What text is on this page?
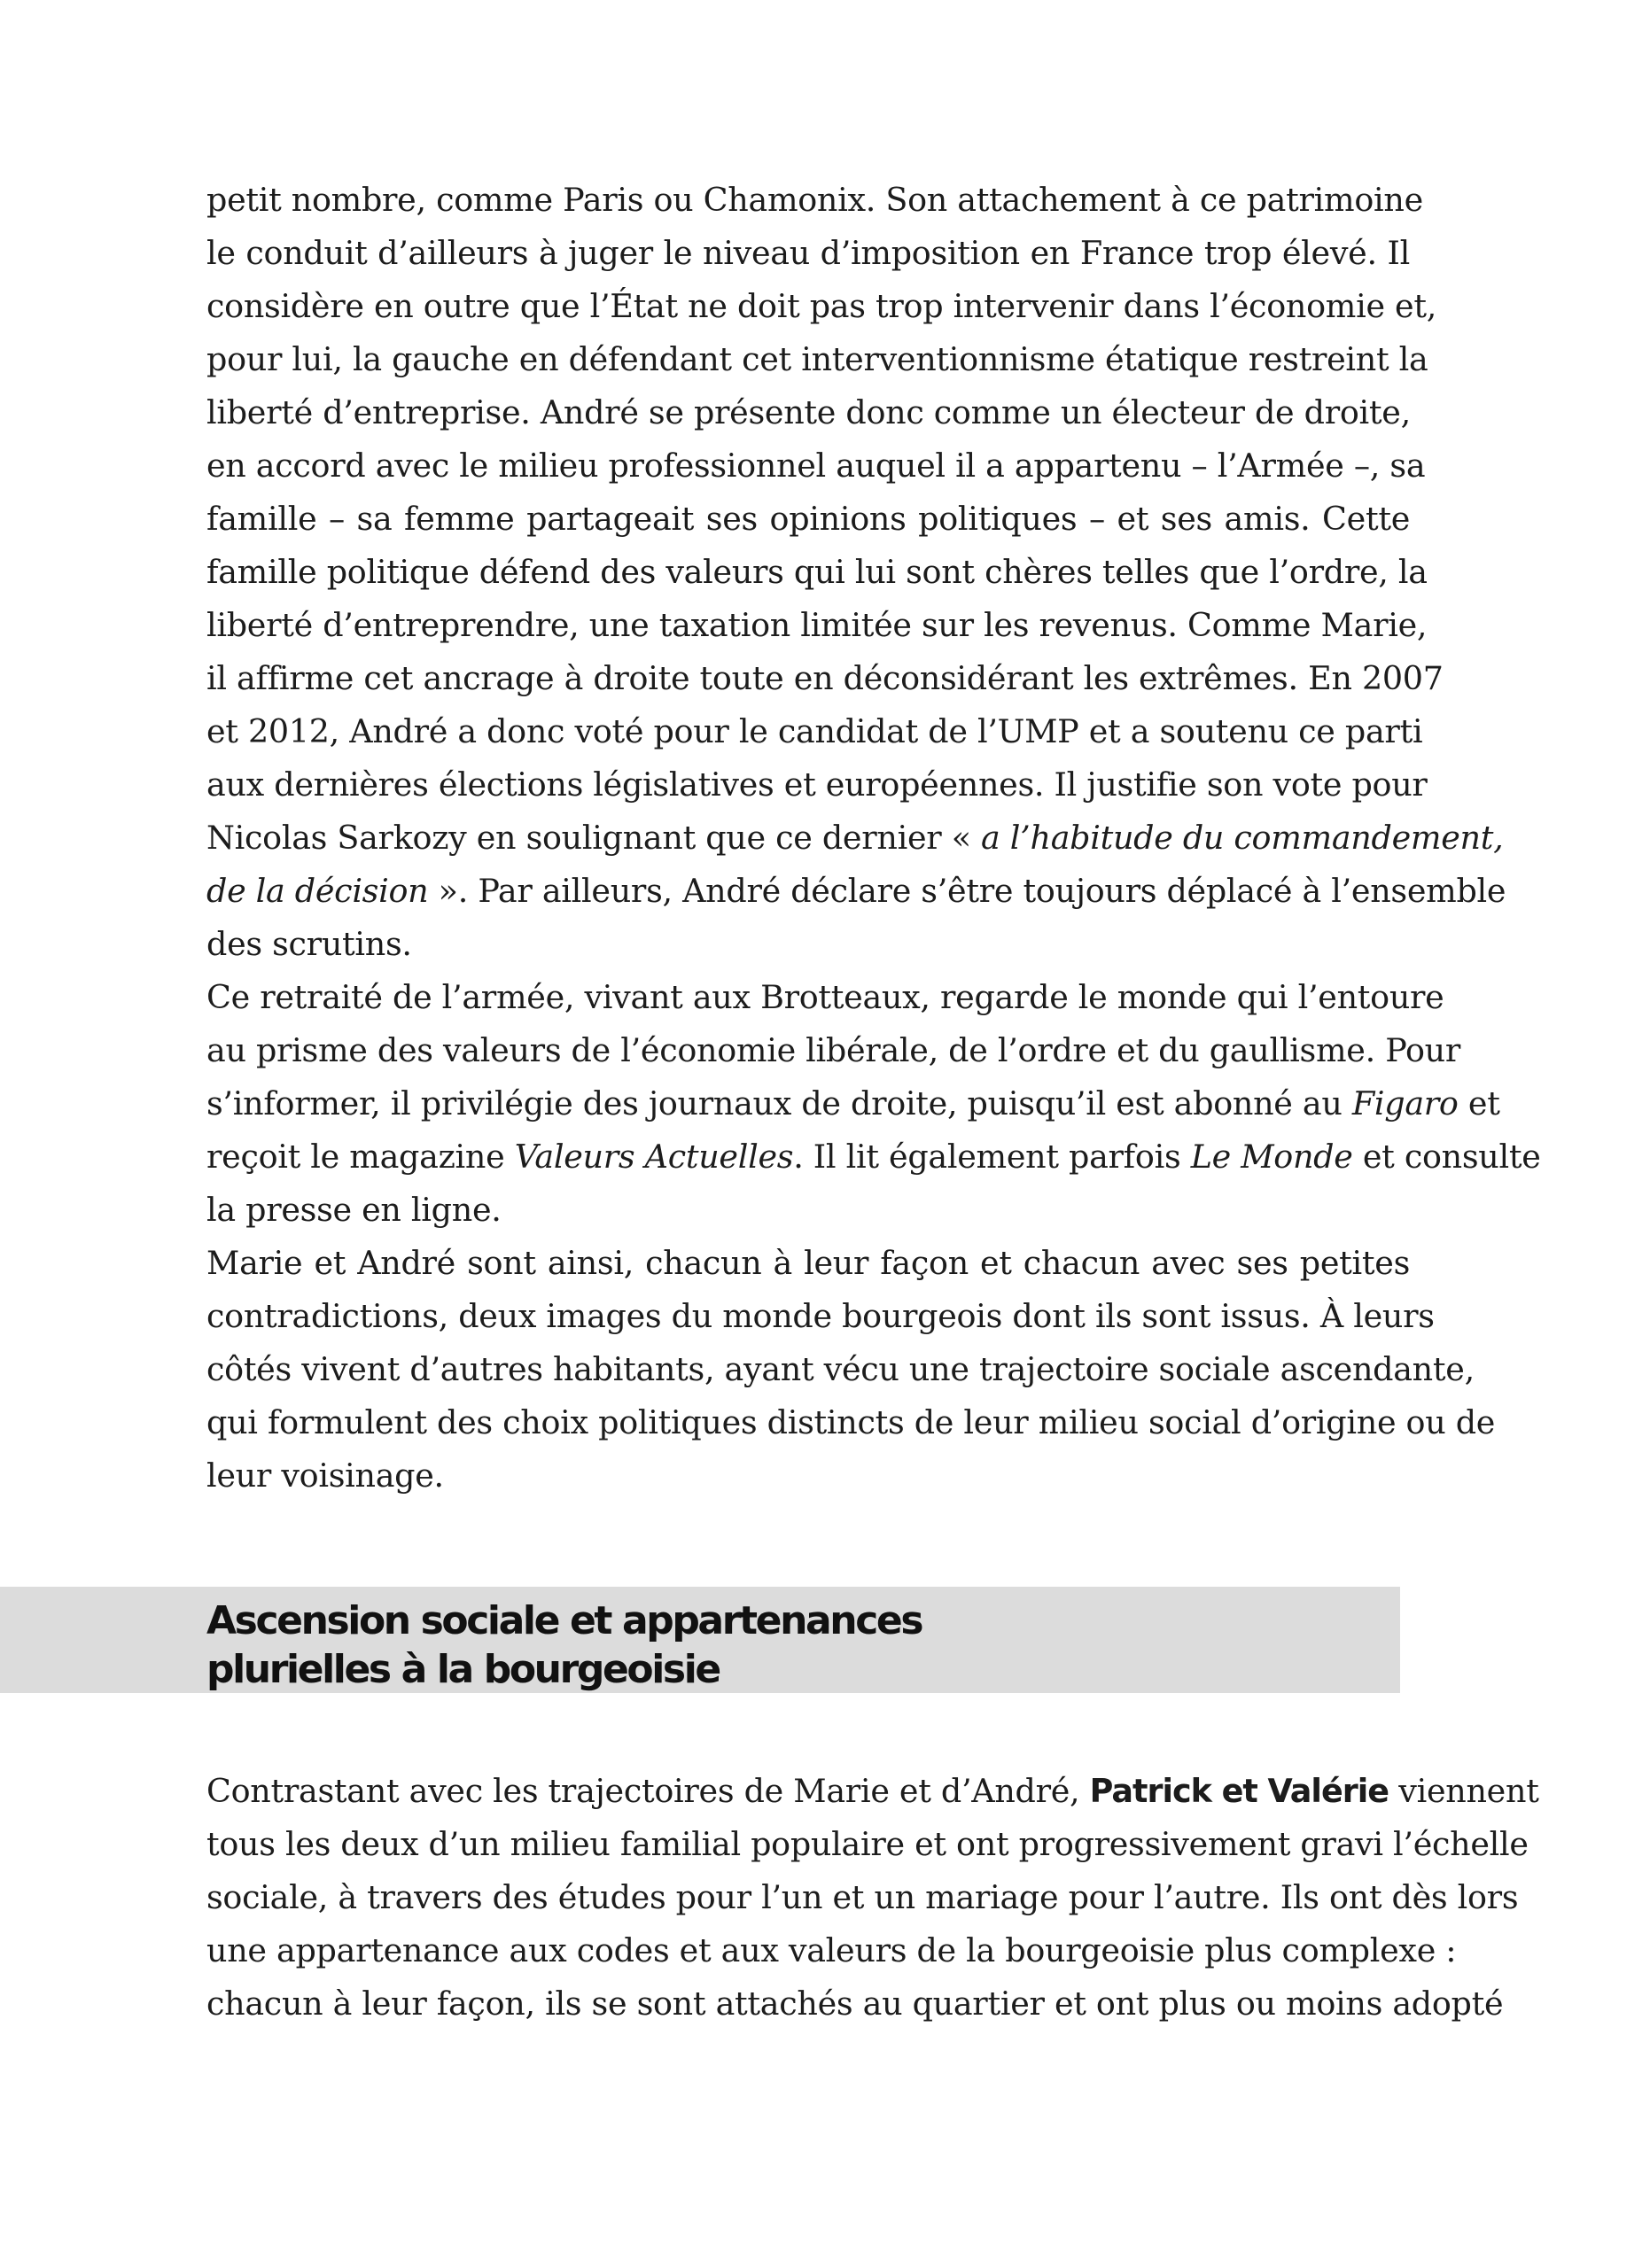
Ascension sociale et appartenances
plurielles à la bourgeoisie
petit nombre, comme Paris ou Chamonix. Son attachement à ce patrimoine
le conduit d’ailleurs à juger le niveau d’imposition en France trop élevé. Il
considère en outre que l’État ne doit pas trop intervenir dans l’économie et,
pour lui, la gauche en défendant cet interventionnisme étatique restreint la
liberté d’entreprise. André se présente donc comme un électeur de droite,
en accord avec le milieu professionnel auquel il a appartenu – l’Armée –, sa
famille – sa femme partageait ses opinions politiques – et ses amis. Cette
famille politique défend des valeurs qui lui sont chères telles que l’ordre, la
liberté d’entreprendre, une taxation limitée sur les revenus. Comme Marie,
il affirme cet ancrage à droite toute en déconsidérant les extrêmes. En 2007
et 2012, André a donc voté pour le candidat de l’UMP et a soutenu ce parti
aux dernières élections législatives et européennes. Il justifie son vote pour
Nicolas Sarkozy en soulignant que ce dernier « a l’habitude du commandement,
de la décision ». Par ailleurs, André déclare s’être toujours déplacé à l’ensemble
des scrutins.
Ce retraité de l’armée, vivant aux Brotteaux, regarde le monde qui l’entoure
au prisme des valeurs de l’économie libérale, de l’ordre et du gaullisme. Pour
s’informer, il privilégie des journaux de droite, puisqu’il est abonné au Figaro et
reçoit le magazine Valeurs Actuelles. Il lit également parfois Le Monde et consulte
la presse en ligne.
Marie et André sont ainsi, chacun à leur façon et chacun avec ses petites
contradictions, deux images du monde bourgeois dont ils sont issus. À leurs
côtés vivent d’autres habitants, ayant vécu une trajectoire sociale ascendante,
qui formulent des choix politiques distincts de leur milieu social d’origine ou de
leur voisinage.
Contrastant avec les trajectoires de Marie et d’André, Patrick et Valérie viennent
tous les deux d’un milieu familial populaire et ont progressivement gravi l’échelle
sociale, à travers des études pour l’un et un mariage pour l’autre. Ils ont dès lors
une appartenance aux codes et aux valeurs de la bourgeoisie plus complexe :
chacun à leur façon, ils se sont attachés au quartier et ont plus ou moins adopté
